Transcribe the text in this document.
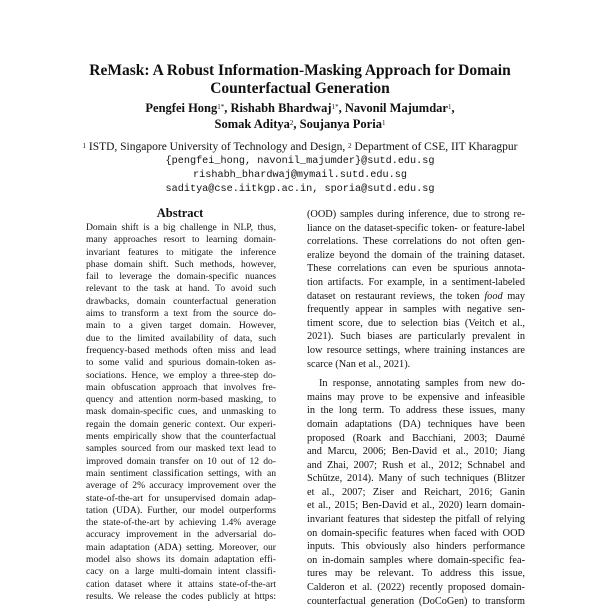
ReMask: A Robust Information-Masking Approach for Domain
Counterfactual Generation
Pengfei Hong$^{1*}$, Rishabh Bhardwaj$^{1*}$, Navonil Majumdar$^1$,
Somak Aditya$^2$, Soujanya Poria$^1$
$^1$ ISTD, Singapore University of Technology and Design, $^2$ Department of CSE, IIT Kharagpur
{pengfei_hong, navonil_majumder}@sutd.edu.sg
rishabh_bhardwaj@mymail.sutd.edu.sg
saditya@cse.iitkgp.ac.in, sporia@sutd.edu.sg
Abstract
Domain shift is a big challenge in NLP, thus,
many approaches resort to learning domain-
invariant features to mitigate the inference
phase domain shift. Such methods, however,
fail to leverage the domain-specific nuances
relevant to the task at hand. To avoid such
drawbacks, domain counterfactual generation
aims to transform a text from the source do-
main to a given target domain. However,
due to the limited availability of data, such
frequency-based methods often miss and lead
to some valid and spurious domain-token as-
sociations. Hence, we employ a three-step do-
main obfuscation approach that involves fre-
quency and attention norm-based masking, to
mask domain-specific cues, and unmasking to
regain the domain generic context. Our experi-
ments empirically show that the counterfactual
samples sourced from our masked text lead to
improved domain transfer on 10 out of 12 do-
main sentiment classification settings, with an
average of 2% accuracy improvement over the
state-of-the-art for unsupervised domain adap-
tation (UDA). Further, our model outperforms
the state-of-the-art by achieving 1.4% average
accuracy improvement in the adversarial do-
main adaptation (ADA) setting. Moreover, our
model also shows its domain adaptation effi-
cacy on a large multi-domain intent classifi-
cation dataset where it attains state-of-the-art
results. We release the codes publicly at https:
(OOD) samples during inference, due to strong re-
liance on the dataset-specific token- or feature-label
correlations. These correlations do not often gen-
eralize beyond the domain of the training dataset.
These correlations can even be spurious annota-
tion artifacts. For example, in a sentiment-labeled
dataset on restaurant reviews, the token food may
frequently appear in samples with negative sen-
timent score, due to selection bias (Veitch et al.,
2021). Such biases are particularly prevalent in
low resource settings, where training instances are
scarce (Nan et al., 2021).
In response, annotating samples from new do-
mains may prove to be expensive and infeasible
in the long term. To address these issues, many
domain adaptations (DA) techniques have been
proposed (Roark and Bacchiani, 2003; Daumé
and Marcu, 2006; Ben-David et al., 2010; Jiang
and Zhai, 2007; Rush et al., 2012; Schnabel and
Schütze, 2014). Many of such techniques (Blitzer
et al., 2007; Ziser and Reichart, 2016; Ganin
et al., 2015; Ben-David et al., 2020) learn domain-
invariant features that sidestep the pitfall of relying
on domain-specific features when faced with OOD
inputs. This obviously also hinders performance
on in-domain samples where domain-specific fea-
tures may be relevant. To address this issue,
Calderon et al. (2022) recently proposed domain-
counterfactual generation (DoCoGen) to transform
